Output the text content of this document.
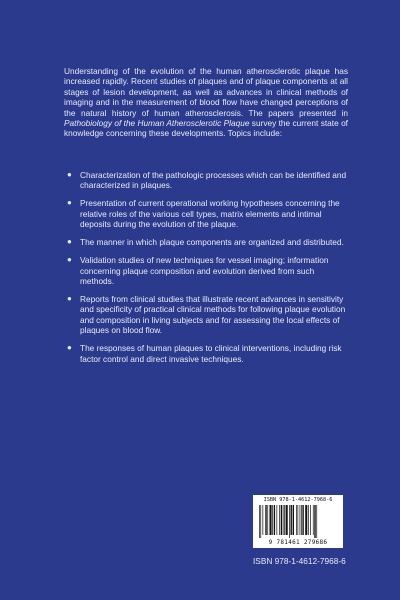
Understanding of the evolution of the human atherosclerotic plaque has increased rapidly. Recent studies of plaques and of plaque components at all stages of lesion development, as well as advances in clinical methods of imaging and in the measurement of blood flow have changed perceptions of the natural history of human atherosclerosis. The papers presented in Pathobiology of the Human Atherosclerotic Plaque survey the current state of knowledge concerning these developments. Topics include:

● Characterization of the pathologic processes which can be identified and characterized in plaques.
● Presentation of current operational working hypotheses concerning the relative roles of the various cell types, matrix elements and intimal deposits during the evolution of the plaque.
● The manner in which plaque components are organized and distributed.
● Validation studies of new techniques for vessel imaging; information concerning plaque composition and evolution derived from such methods.
● Reports from clinical studies that illustrate recent advances in sensitivity and specificity of practical clinical methods for following plaque evolution and composition in living subjects and for assessing the local effects of plaques on blood flow.
● The responses of human plaques to clinical interventions, including risk factor control and direct invasive techniques.
ISBN 978-1-4612-7968-6
9 781461 279686
ISBN 978-1-4612-7968-6
